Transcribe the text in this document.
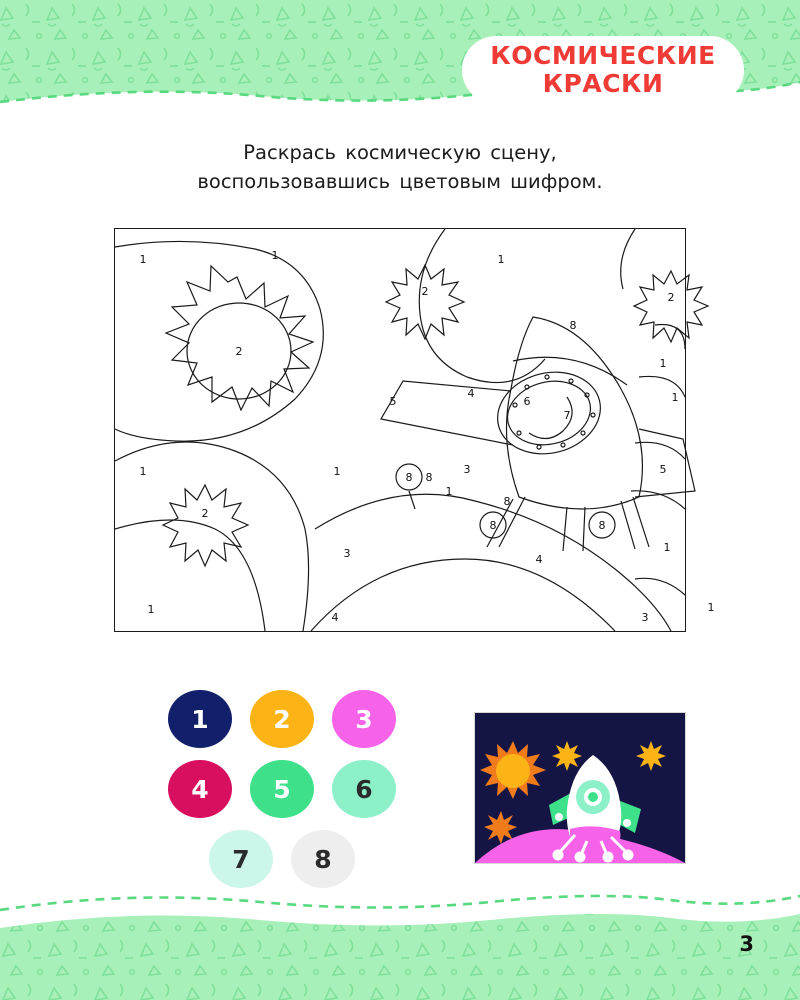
КОСМИЧЕСКИЕ
КРАСКИ
Раскрась космическую сцену,
воспользовавшись цветовым шифром.
1	1
2
2
1
8
2
1
1
5
4
6
7
1	1
2
3
8
1
5
8
8
8	8
3	4
1
1
4	3
1
1	2	3
4	5	6
7	8
3
